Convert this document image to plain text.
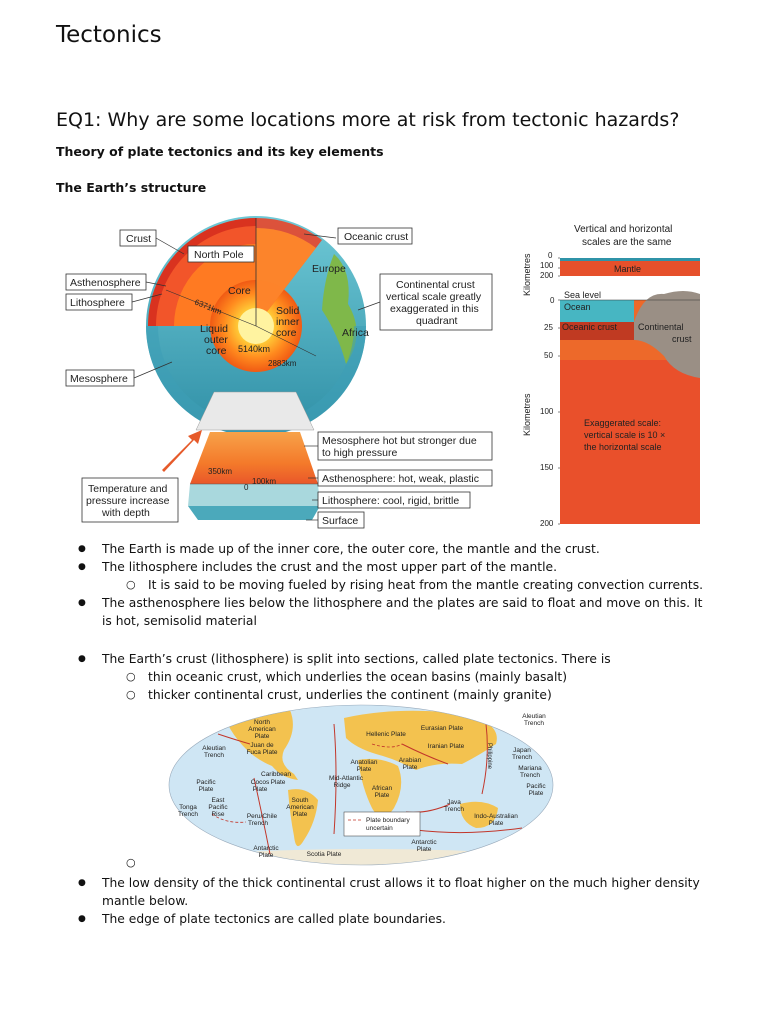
Tectonics
EQ1: Why are some locations more at risk from tectonic hazards?
Theory of plate tectonics and its key elements
The Earth’s structure
Crust
North Pole
Oceanic crust
Asthenosphere
Lithosphere
Core
Solid
inner
core
Liquid
outer
core 5140km
2883km
6371km
Europe
Africa
Continental crust
vertical scale greatly
exaggerated in this
quadrant
Mesosphere
Mesosphere hot but stronger due
to high pressure
Asthenosphere: hot, weak, plastic
Lithosphere: cool, rigid, brittle
Surface
Temperature and
pressure increase
with depth
350km
100km
0
Vertical and horizontal
scales are the same
Kilometres
Kilometres
0
100
200
Mantle
0
25
50
100
150
200
Sea level
Ocean
Oceanic crust Continental
crust
Exaggerated scale:
vertical scale is 10 ×
the horizontal scale
● The Earth is made up of the inner core, the outer core, the mantle and the crust.
● The lithosphere includes the crust and the most upper part of the mantle.
○ It is said to be moving fueled by rising heat from the mantle creating convection currents.
● The asthenosphere lies below the lithosphere and the plates are said to float and move on this. It
is hot, semisolid material
● The Earth’s crust (lithosphere) is split into sections, called plate tectonics. There is
○ thin oceanic crust, which underlies the ocean basins (mainly basalt)
○ thicker continental crust, underlies the continent (mainly granite)
North
American
Plate
Juan de
Fuca Plate
Aleutian
Trench
Aleutian
Trench
Eurasian Plate
Hellenic Plate
Iranian Plate
Japan
Trench
Mariana
Trench
Pacific
Plate	Pacific
Plate
Caribbean
Cocos
Plate
Plate
Anatolian
Plate
Arabian
Plate
Mid-Atlantic
Ridge	African
Plate
Philippine
East
Pacific
Rise
Tonga
Trench
South
American
Plate
Peru/Chile
Trench
Java
Trench
Indo-Australian
Plate
Antarctic
Plate	Scotia Plate
Antarctic
Plate
Plate boundary
uncertain
○
● The low density of the thick continental crust allows it to float higher on the much higher density
mantle below.
● The edge of plate tectonics are called plate boundaries.
